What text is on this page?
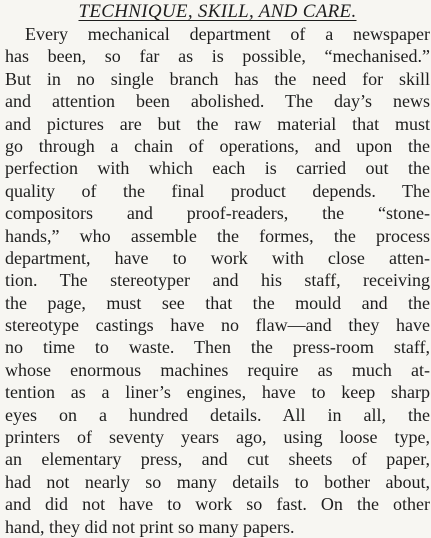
TECHNIQUE, SKILL, AND CARE.
Every mechanical department of a newspaper
has been, so far as is possible, “mechanised.”
But in no single branch has the need for skill
and attention been abolished. The day’s news
and pictures are but the raw material that must
go through a chain of operations, and upon the
perfection with which each is carried out the
quality of the final product depends. The
compositors and proof-readers, the “stone-
hands,” who assemble the formes, the process
department, have to work with close atten-
tion. The stereotyper and his staff, receiving
the page, must see that the mould and the
stereotype castings have no flaw—and they have
no time to waste. Then the press-room staff,
whose enormous machines require as much at-
tention as a liner’s engines, have to keep sharp
eyes on a hundred details. All in all, the
printers of seventy years ago, using loose type,
an elementary press, and cut sheets of paper,
had not nearly so many details to bother about,
and did not have to work so fast. On the other
hand, they did not print so many papers.
